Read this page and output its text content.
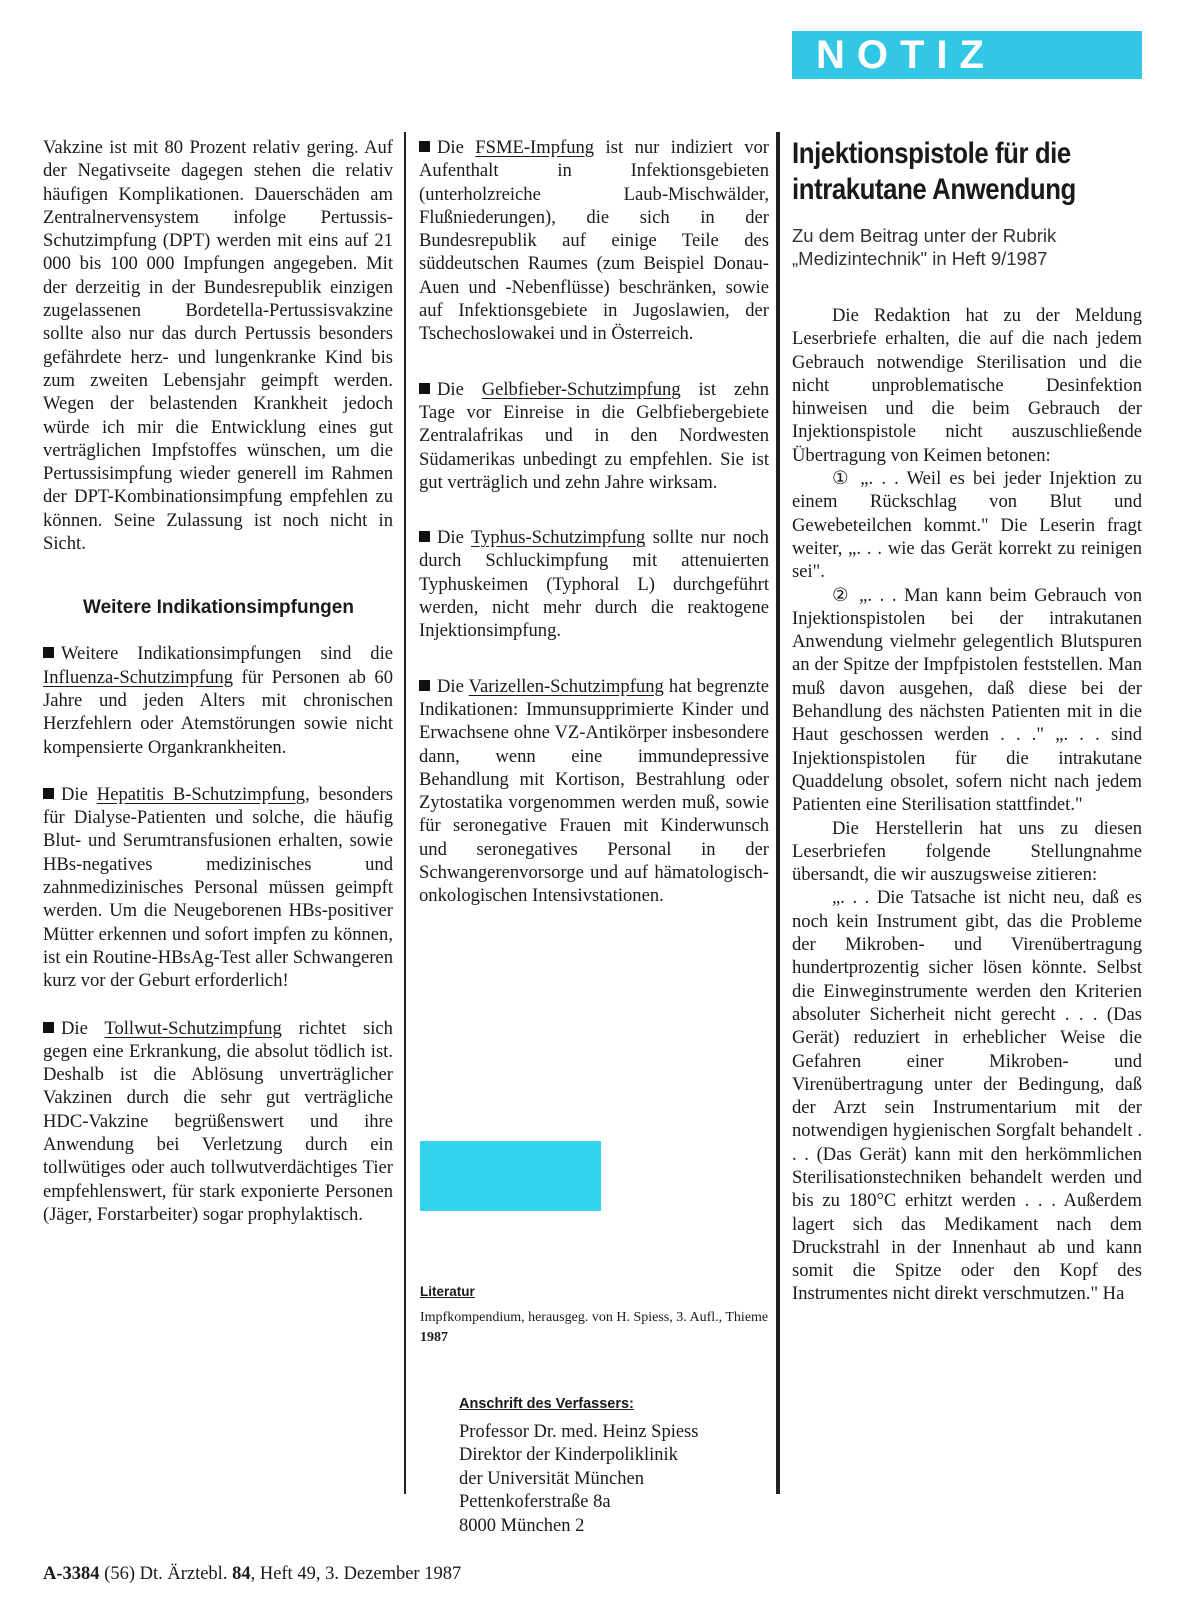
NOTIZ

Vakzine ist mit 80 Prozent relativ gering. Auf der Negativseite dagegen stehen die relativ häufigen Komplikationen. Dauerschäden am Zentralnervensystem infolge Pertussis-Schutzimpfung (DPT) werden mit eins auf 21 000 bis 100 000 Impfungen angegeben. Mit der derzeitig in der Bundesrepublik einzigen zugelassenen Bordetella-Pertussisvakzine sollte also nur das durch Pertussis besonders gefährdete herz- und lungenkranke Kind bis zum zweiten Lebensjahr geimpft werden. Wegen der belastenden Krankheit jedoch würde ich mir die Entwicklung eines gut verträglichen Impfstoffes wünschen, um die Pertussisimpfung wieder generell im Rahmen der DPT-Kombinationsimpfung empfehlen zu können. Seine Zulassung ist noch nicht in Sicht.

Weitere Indikationsimpfungen

Weitere Indikationsimpfungen sind die Influenza-Schutzimpfung für Personen ab 60 Jahre und jeden Alters mit chronischen Herzfehlern oder Atemstörungen sowie nicht kompensierte Organkrankheiten.

Die Hepatitis B-Schutzimpfung, besonders für Dialyse-Patienten und solche, die häufig Blut- und Serumtransfusionen erhalten, sowie HBs-negatives medizinisches und zahnmedizinisches Personal müssen geimpft werden. Um die Neugeborenen HBs-positiver Mütter erkennen und sofort impfen zu können, ist ein Routine-HBsAg-Test aller Schwangeren kurz vor der Geburt erforderlich!

Die Tollwut-Schutzimpfung richtet sich gegen eine Erkrankung, die absolut tödlich ist. Deshalb ist die Ablösung unverträglicher Vakzinen durch die sehr gut verträgliche HDC-Vakzine begrüßenswert und ihre Anwendung bei Verletzung durch ein tollwütiges oder auch tollwutverdächtiges Tier empfehlenswert, für stark exponierte Personen (Jäger, Forstarbeiter) sogar prophylaktisch.

Die FSME-Impfung ist nur indiziert vor Aufenthalt in Infektionsgebieten (unterholzreiche Laub-Mischwälder, Flußniederungen), die sich in der Bundesrepublik auf einige Teile des süddeutschen Raumes (zum Beispiel Donau-Auen und -Nebenflüsse) beschränken, sowie auf Infektionsgebiete in Jugoslawien, der Tschechoslowakei und in Österreich.

Die Gelbfieber-Schutzimpfung ist zehn Tage vor Einreise in die Gelbfiebergebiete Zentralafrikas und in den Nordwesten Südamerikas unbedingt zu empfehlen. Sie ist gut verträglich und zehn Jahre wirksam.

Die Typhus-Schutzimpfung sollte nur noch durch Schluckimpfung mit attenuierten Typhuskeimen (Typhoral L) durchgeführt werden, nicht mehr durch die reaktogene Injektionsimpfung.

Die Varizellen-Schutzimpfung hat begrenzte Indikationen: Immunsupprimierte Kinder und Erwachsene ohne VZ-Antikörper insbesondere dann, wenn eine immundepressive Behandlung mit Kortison, Bestrahlung oder Zytostatika vorgenommen werden muß, sowie für seronegative Frauen mit Kinderwunsch und seronegatives Personal in der Schwangerenvorsorge und auf hämatologisch-onkologischen Intensivstationen.

Literatur
Impfkompendium, herausgeg. von H. Spiess, 3. Aufl., Thieme 1987
Anschrift des Verfassers:
Professor Dr. med. Heinz Spiess
Direktor der Kinderpoliklinik
der Universität München
Pettenkoferstraße 8a
8000 München 2
Injektionspistole für die
intrakutane Anwendung
Zu dem Beitrag unter der Rubrik „Medizintechnik" in Heft 9/1987

Die Redaktion hat zu der Meldung Leserbriefe erhalten, die auf die nach jedem Gebrauch notwendige Sterilisation und die nicht unproblematische Desinfektion hinweisen und die beim Gebrauch der Injektionspistole nicht auszuschließende Übertragung von Keimen betonen:

① „. . . Weil es bei jeder Injektion zu einem Rückschlag von Blut und Gewebeteilchen kommt." Die Leserin fragt weiter, „. . . wie das Gerät korrekt zu reinigen sei".

② „. . . Man kann beim Gebrauch von Injektionspistolen bei der intrakutanen Anwendung vielmehr gelegentlich Blutspuren an der Spitze der Impfpistolen feststellen. Man muß davon ausgehen, daß diese bei der Behandlung des nächsten Patienten mit in die Haut geschossen werden . . ." „. . . sind Injektionspistolen für die intrakutane Quaddelung obsolet, sofern nicht nach jedem Patienten eine Sterilisation stattfindet."

Die Herstellerin hat uns zu diesen Leserbriefen folgende Stellungnahme übersandt, die wir auszugsweise zitieren:

„. . . Die Tatsache ist nicht neu, daß es noch kein Instrument gibt, das die Probleme der Mikroben- und Virenübertragung hundertprozentig sicher lösen könnte. Selbst die Einweginstrumente werden den Kriterien absoluter Sicherheit nicht gerecht . . . (Das Gerät) reduziert in erheblicher Weise die Gefahren einer Mikroben- und Virenübertragung unter der Bedingung, daß der Arzt sein Instrumentarium mit der notwendigen hygienischen Sorgfalt behandelt . . . (Das Gerät) kann mit den herkömmlichen Sterilisationstechniken behandelt werden und bis zu 180°C erhitzt werden . . . Außerdem lagert sich das Medikament nach dem Druckstrahl in der Innenhaut ab und kann somit die Spitze oder den Kopf des Instrumentes nicht direkt verschmutzen." Ha

A-3384 (56) Dt. Ärztebl. 84, Heft 49, 3. Dezember 1987
